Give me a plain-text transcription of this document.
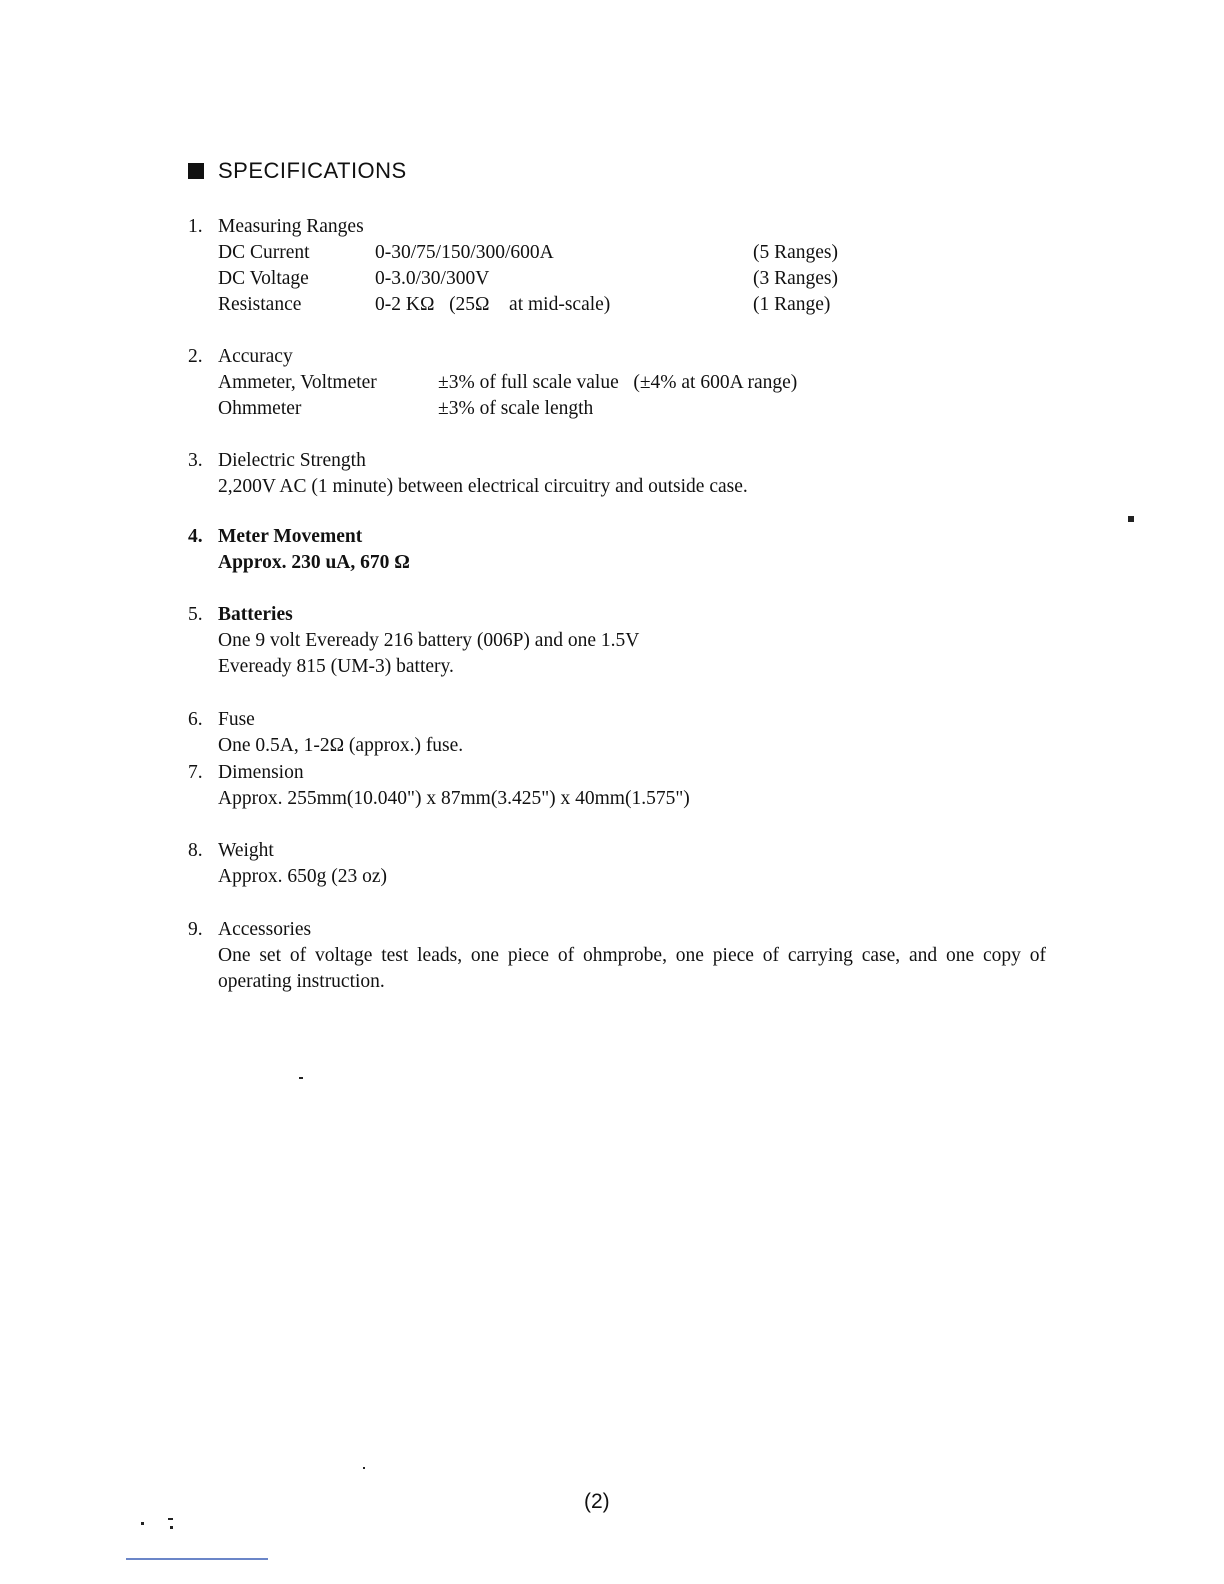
SPECIFICATIONS
1. Measuring Ranges
DC Current	0-30/75/150/300/600A	(5 Ranges)
DC Voltage	0-3.0/30/300V	(3 Ranges)
Resistance	0-2 KΩ   (25Ω    at mid-scale)	(1 Range)
2. Accuracy
Ammeter, Voltmeter	±3% of full scale value   (±4% at 600A range)
Ohmmeter	±3% of scale length
3. Dielectric Strength
2,200V AC (1 minute) between electrical circuitry and outside case.
4. Meter Movement
Approx. 230 uA, 670 Ω
5. Batteries
One 9 volt Eveready 216 battery (006P) and one 1.5V
Eveready 815 (UM-3) battery.
6. Fuse
One 0.5A, 1-2Ω (approx.) fuse.
7. Dimension
Approx. 255mm(10.040") x 87mm(3.425") x 40mm(1.575")
8. Weight
Approx. 650g (23 oz)
9. Accessories
One set of voltage test leads, one piece of ohmprobe, one piece of carrying case, and one copy of operating instruction.
(2)
